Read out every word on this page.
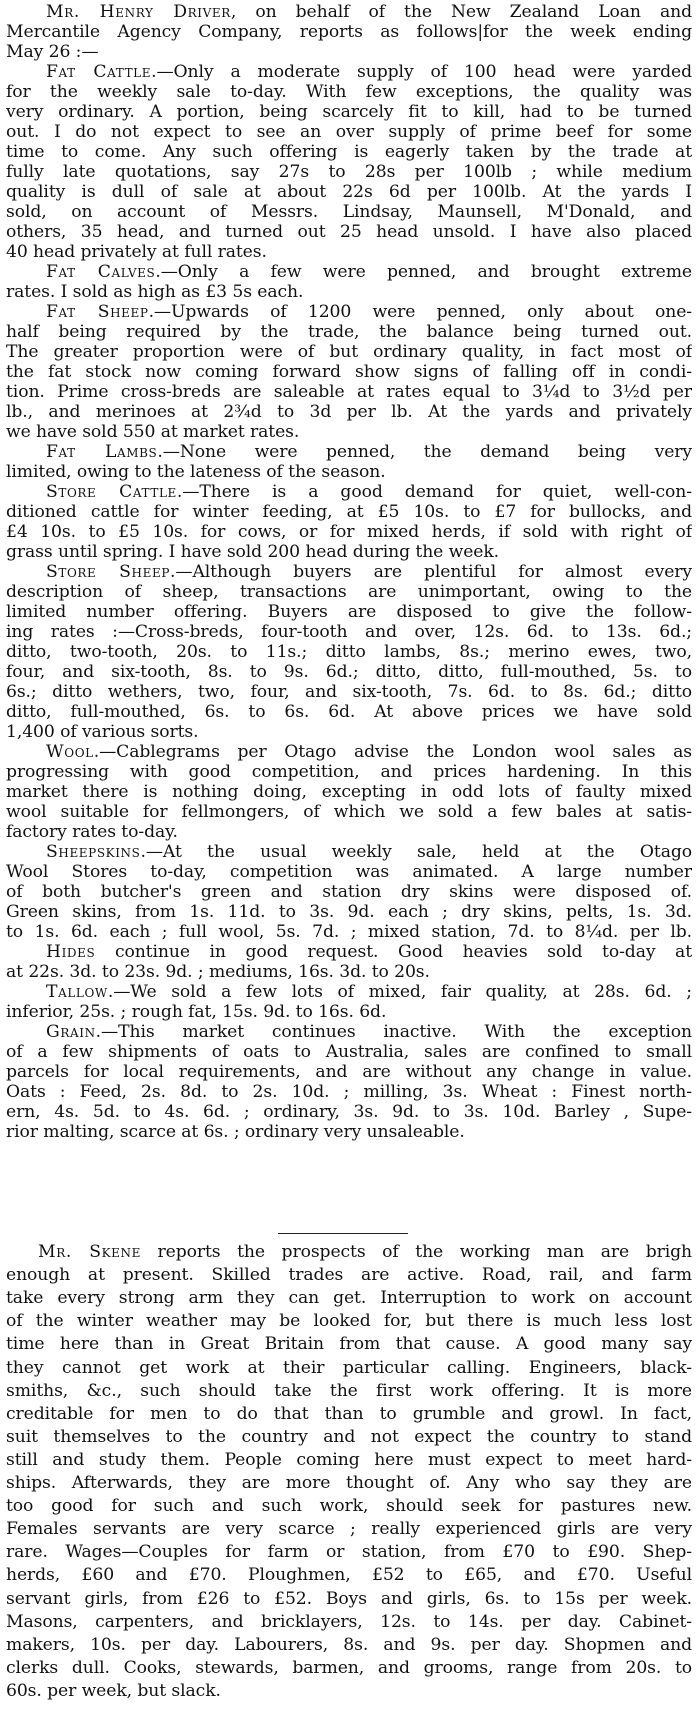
Mr. Henry Driver, on behalf of the New Zealand Loan and
Mercantile Agency Company, reports as follows|for the week ending
May 26 :—
Fat Cattle.—Only a moderate supply of 100 head were yarded
for the weekly sale to-day. With few exceptions, the quality was
very ordinary. A portion, being scarcely fit to kill, had to be turned
out. I do not expect to see an over supply of prime beef for some
time to come. Any such offering is eagerly taken by the trade at
fully late quotations, say 27s to 28s per 100lb ; while medium
quality is dull of sale at about 22s 6d per 100lb. At the yards I
sold, on account of Messrs. Lindsay, Maunsell, M'Donald, and
others, 35 head, and turned out 25 head unsold. I have also placed
40 head privately at full rates.
Fat Calves.—Only a few were penned, and brought extreme
rates. I sold as high as £3 5s each.
Fat Sheep.—Upwards of 1200 were penned, only about one-
half being required by the trade, the balance being turned out.
The greater proportion were of but ordinary quality, in fact most of
the fat stock now coming forward show signs of falling off in condi-
tion. Prime cross-breds are saleable at rates equal to 3¼d to 3½d per
lb., and merinoes at 2¾d to 3d per lb. At the yards and privately
we have sold 550 at market rates.
Fat Lambs.—None were penned, the demand being very
limited, owing to the lateness of the season.
Store Cattle.—There is a good demand for quiet, well-con-
ditioned cattle for winter feeding, at £5 10s. to £7 for bullocks, and
£4 10s. to £5 10s. for cows, or for mixed herds, if sold with right of
grass until spring. I have sold 200 head during the week.
Store Sheep.—Although buyers are plentiful for almost every
description of sheep, transactions are unimportant, owing to the
limited number offering. Buyers are disposed to give the follow-
ing rates :—Cross-breds, four-tooth and over, 12s. 6d. to 13s. 6d.;
ditto, two-tooth, 20s. to 11s.; ditto lambs, 8s.; merino ewes, two,
four, and six-tooth, 8s. to 9s. 6d.; ditto, ditto, full-mouthed, 5s. to
6s.; ditto wethers, two, four, and six-tooth, 7s. 6d. to 8s. 6d.; ditto
ditto, full-mouthed, 6s. to 6s. 6d. At above prices we have sold
1,400 of various sorts.
Wool.—Cablegrams per Otago advise the London wool sales as
progressing with good competition, and prices hardening. In this
market there is nothing doing, excepting in odd lots of faulty mixed
wool suitable for fellmongers, of which we sold a few bales at satis-
factory rates to-day.
Sheepskins.—At the usual weekly sale, held at the Otago
Wool Stores to-day, competition was animated. A large number
of both butcher's green and station dry skins were disposed of.
Green skins, from 1s. 11d. to 3s. 9d. each ; dry skins, pelts, 1s. 3d.
to 1s. 6d. each ; full wool, 5s. 7d. ; mixed station, 7d. to 8¼d. per lb.
Hides continue in good request. Good heavies sold to-day at
at 22s. 3d. to 23s. 9d. ; mediums, 16s. 3d. to 20s.
Tallow.—We sold a few lots of mixed, fair quality, at 28s. 6d. ;
inferior, 25s. ; rough fat, 15s. 9d. to 16s. 6d.
Grain.—This market continues inactive. With the exception
of a few shipments of oats to Australia, sales are confined to small
parcels for local requirements, and are without any change in value.
Oats : Feed, 2s. 8d. to 2s. 10d. ; milling, 3s. Wheat : Finest north-
ern, 4s. 5d. to 4s. 6d. ; ordinary, 3s. 9d. to 3s. 10d. Barley , Supe-
rior malting, scarce at 6s. ; ordinary very unsaleable.
Mr. Skene reports the prospects of the working man are brigh
enough at present. Skilled trades are active. Road, rail, and farm
take every strong arm they can get. Interruption to work on account
of the winter weather may be looked for, but there is much less lost
time here than in Great Britain from that cause. A good many say
they cannot get work at their particular calling. Engineers, black-
smiths, &c., such should take the first work offering. It is more
creditable for men to do that than to grumble and growl. In fact,
suit themselves to the country and not expect the country to stand
still and study them. People coming here must expect to meet hard-
ships. Afterwards, they are more thought of. Any who say they are
too good for such and such work, should seek for pastures new.
Females servants are very scarce ; really experienced girls are very
rare. Wages—Couples for farm or station, from £70 to £90. Shep-
herds, £60 and £70. Ploughmen, £52 to £65, and £70. Useful
servant girls, from £26 to £52. Boys and girls, 6s. to 15s per week.
Masons, carpenters, and bricklayers, 12s. to 14s. per day. Cabinet-
makers, 10s. per day. Labourers, 8s. and 9s. per day. Shopmen and
clerks dull. Cooks, stewards, barmen, and grooms, range from 20s. to
60s. per week, but slack.
